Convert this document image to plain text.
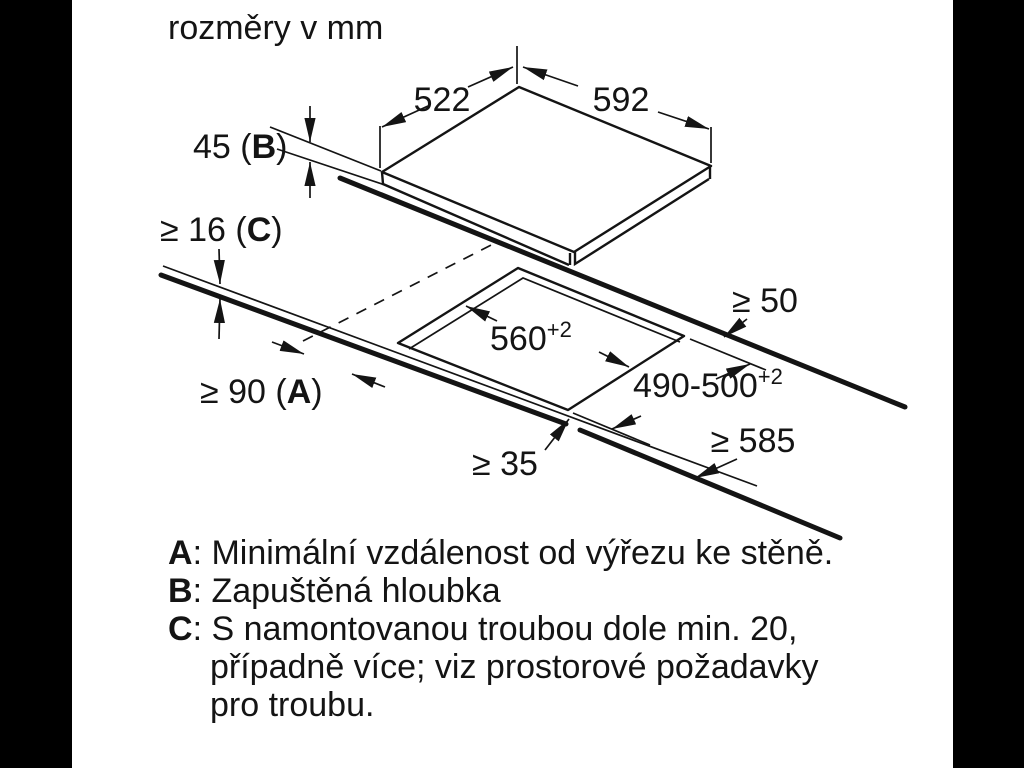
rozměry v mm
522	592
45 (B)
≥ 16 (C)
≥ 50
≥ 90 (A)
$560^{+2}$
$490-500^{+2}$
≥ 35
≥ 585
A: Minimální vzdálenost od výřezu ke stěně.
B: Zapuštěná hloubka
C: S namontovanou troubou dole min. 20,
případně více; viz prostorové požadavky
pro troubu.
